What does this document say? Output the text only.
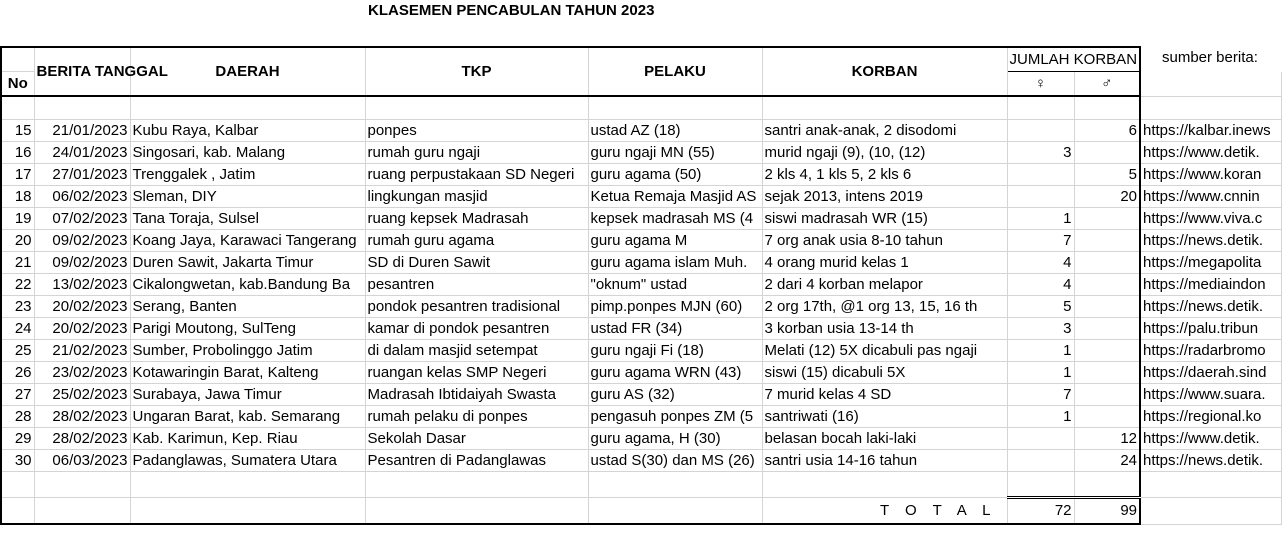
KLASEMEN PENCABULAN TAHUN 2023
sumber berita:
	BERITA TANGGAL	DAERAH	TKP	PELAKU	KORBAN	JUMLAH KORBAN		
No						♀	♂	

15	21/01/2023	Kubu Raya, Kalbar	ponpes	ustad AZ (18)	santri anak-anak, 2 disodomi		6	https://kalbar.inews
16	24/01/2023	Singosari, kab. Malang	rumah guru ngaji	guru ngaji MN (55)	murid ngaji (9), (10, (12)	3		https://www.detik.
17	27/01/2023	Trenggalek , Jatim	ruang perpustakaan SD Negeri	guru agama (50)	2 kls 4, 1 kls 5, 2 kls 6		5	https://www.koran
18	06/02/2023	Sleman, DIY	lingkungan masjid	Ketua Remaja Masjid AS	sejak 2013, intens 2019		20	https://www.cnnin
19	07/02/2023	Tana Toraja, Sulsel	ruang kepsek Madrasah	kepsek madrasah MS (4	siswi madrasah WR (15)	1		https://www.viva.c
20	09/02/2023	Koang Jaya, Karawaci Tangerang	rumah guru agama	guru agama M	7 org anak usia 8-10 tahun	7		https://news.detik.
21	09/02/2023	Duren Sawit, Jakarta Timur	SD di Duren Sawit	guru agama islam Muh.	4 orang murid kelas 1	4		https://megapolita
22	13/02/2023	Cikalongwetan, kab.Bandung Ba	pesantren	"oknum" ustad	2 dari 4 korban melapor	4		https://mediaindon
23	20/02/2023	Serang, Banten	pondok pesantren tradisional	pimp.ponpes MJN (60)	2 org 17th, @1 org 13, 15, 16 th	5		https://news.detik.
24	20/02/2023	Parigi Moutong, SulTeng	kamar di pondok pesantren	ustad FR (34)	3 korban usia 13-14 th	3		https://palu.tribun
25	21/02/2023	Sumber, Probolinggo Jatim	di dalam masjid setempat	guru ngaji Fi (18)	Melati (12) 5X dicabuli pas ngaji	1		https://radarbromo
26	23/02/2023	Kotawaringin Barat, Kalteng	ruangan kelas SMP Negeri	guru agama WRN (43)	siswi (15) dicabuli 5X	1		https://daerah.sind
27	25/02/2023	Surabaya, Jawa Timur	Madrasah Ibtidaiyah Swasta	guru AS (32)	7 murid kelas 4 SD	7		https://www.suara.
28	28/02/2023	Ungaran Barat, kab. Semarang	rumah pelaku di ponpes	pengasuh ponpes ZM (5	santriwati (16)	1		https://regional.ko
29	28/02/2023	Kab. Karimun, Kep. Riau	Sekolah Dasar	guru agama, H (30)	belasan bocah laki-laki		12	https://www.detik.
30	06/03/2023	Padanglawas, Sumatera Utara	Pesantren di Padanglawas	ustad S(30) dan MS (26)	santri usia 14-16 tahun		24	https://news.detik.

					T O T A L	72	99	
